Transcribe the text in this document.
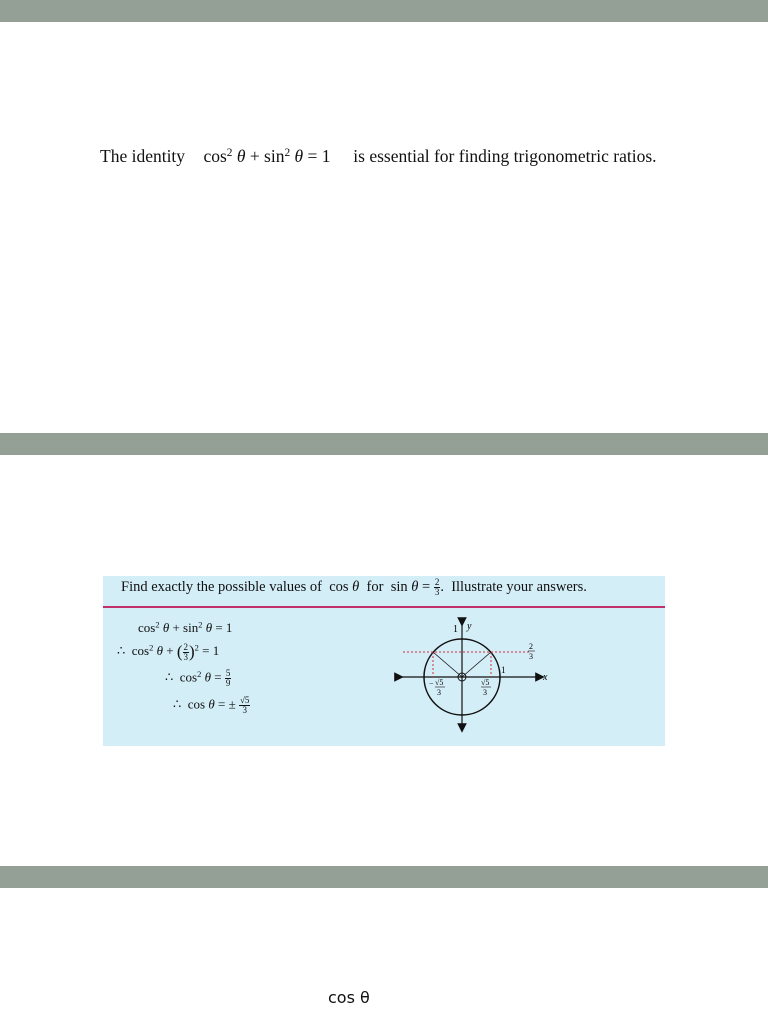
The identity $\cos^2 \theta + \sin^2 \theta = 1$ is essential for finding trigonometric ratios.
Find exactly the possible values of cos θ for $\sin \theta = \frac{2}{3}$ .  Illustrate your answers.
$\cos^2 \theta + \sin^2 \theta = 1$
∴ $\cos^2 \theta$ + ( $\frac{2}{3} )^2 = 1$
∴ $\cos^2 \theta = \frac{5}{9}$
∴ cos θ = ± $\frac{√5}{3}$
1 y
x
1
2
3
− √5
3
√5
3
cos θ
